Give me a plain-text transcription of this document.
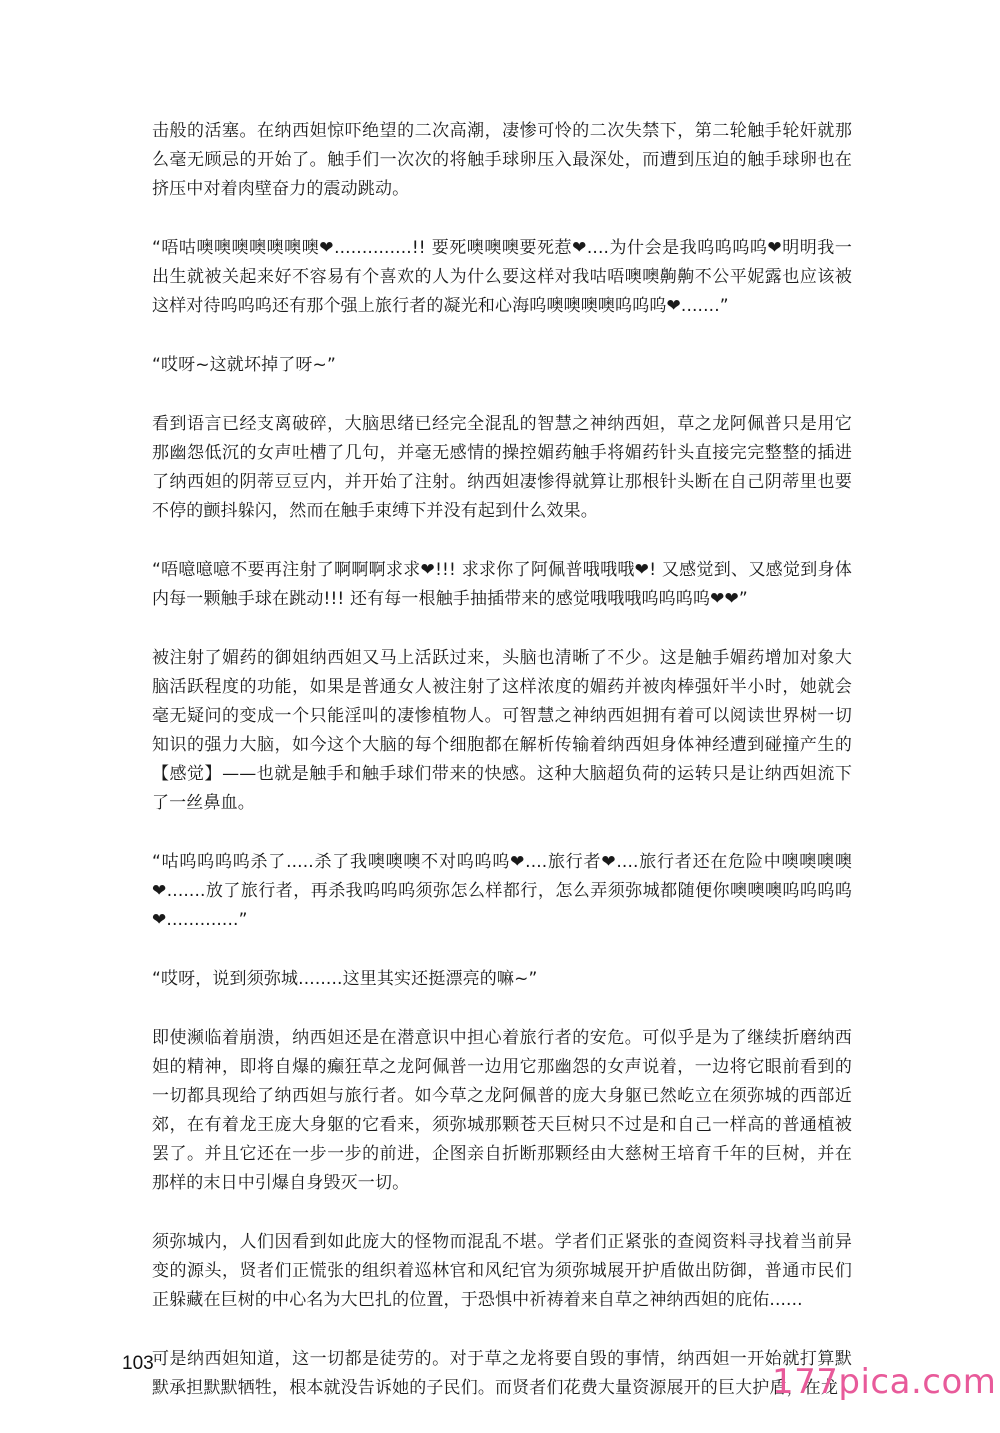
击般的活塞。在纳西妲惊吓绝望的二次高潮，凄惨可怜的二次失禁下，第二轮触手轮奸就那么毫无顾忌的开始了。触手们一次次的将触手球卵压入最深处，而遭到压迫的触手球卵也在挤压中对着肉壁奋力的震动跳动。

“唔咕噢噢噢噢噢噢噢❤..............!! 要死噢噢噢要死惹❤....为什会是我呜呜呜呜❤明明我一出生就被关起来好不容易有个喜欢的人为什么要这样对我咕唔噢噢齁齁不公平妮露也应该被这样对待呜呜呜还有那个强上旅行者的凝光和心海呜噢噢噢噢呜呜呜❤.......”

“哎呀~这就坏掉了呀~”

看到语言已经支离破碎，大脑思绪已经完全混乱的智慧之神纳西妲，草之龙阿佩普只是用它那幽怨低沉的女声吐槽了几句，并毫无感情的操控媚药触手将媚药针头直接完完整整的插进了纳西妲的阴蒂豆豆内，并开始了注射。纳西妲凄惨得就算让那根针头断在自己阴蒂里也要不停的颤抖躲闪，然而在触手束缚下并没有起到什么效果。

“唔噫噫噫不要再注射了啊啊啊求求❤!!! 求求你了阿佩普哦哦哦❤! 又感觉到、又感觉到身体内每一颗触手球在跳动!!! 还有每一根触手抽插带来的感觉哦哦哦呜呜呜呜❤❤”

被注射了媚药的御姐纳西妲又马上活跃过来，头脑也清晰了不少。这是触手媚药增加对象大脑活跃程度的功能，如果是普通女人被注射了这样浓度的媚药并被肉棒强奸半小时，她就会毫无疑问的变成一个只能淫叫的凄惨植物人。可智慧之神纳西妲拥有着可以阅读世界树一切知识的强力大脑，如今这个大脑的每个细胞都在解析传输着纳西妲身体神经遭到碰撞产生的【感觉】——也就是触手和触手球们带来的快感。这种大脑超负荷的运转只是让纳西妲流下了一丝鼻血。

“咕呜呜呜呜杀了.....杀了我噢噢噢不对呜呜呜❤....旅行者❤....旅行者还在危险中噢噢噢噢❤.......放了旅行者，再杀我呜呜呜须弥怎么样都行，怎么弄须弥城都随便你噢噢噢呜呜呜呜❤.............”

“哎呀，说到须弥城........这里其实还挺漂亮的嘛~”

即使濒临着崩溃，纳西妲还是在潜意识中担心着旅行者的安危。可似乎是为了继续折磨纳西妲的精神，即将自爆的癫狂草之龙阿佩普一边用它那幽怨的女声说着，一边将它眼前看到的一切都具现给了纳西妲与旅行者。如今草之龙阿佩普的庞大身躯已然屹立在须弥城的西部近郊，在有着龙王庞大身躯的它看来，须弥城那颗苍天巨树只不过是和自己一样高的普通植被罢了。并且它还在一步一步的前进，企图亲自折断那颗经由大慈树王培育千年的巨树，并在那样的末日中引爆自身毁灭一切。

须弥城内，人们因看到如此庞大的怪物而混乱不堪。学者们正紧张的查阅资料寻找着当前异变的源头，贤者们正慌张的组织着巡林官和风纪官为须弥城展开护盾做出防御，普通市民们正躲藏在巨树的中心名为大巴扎的位置，于恐惧中祈祷着来自草之神纳西妲的庇佑......

可是纳西妲知道，这一切都是徒劳的。对于草之龙将要自毁的事情，纳西妲一开始就打算默默承担默默牺牲，根本就没告诉她的子民们。而贤者们花费大量资源展开的巨大护盾，在龙

103	177pica.com
